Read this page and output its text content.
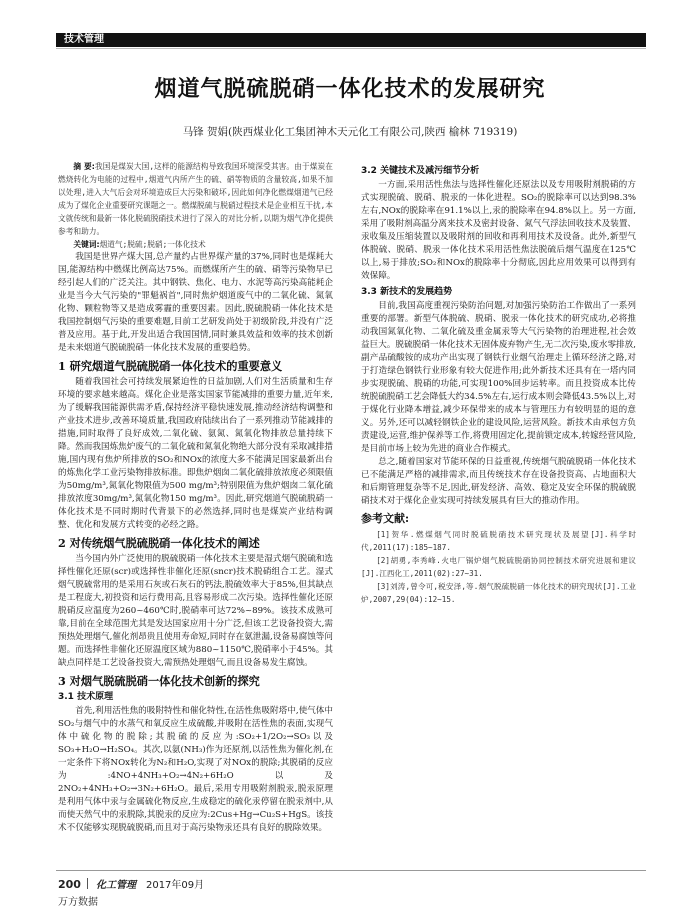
技术管理
烟道气脱硫脱硝一体化技术的发展研究
马锋 贺娟(陕西煤业化工集团神木天元化工有限公司,陕西 榆林 719319)

摘 要:我国是煤炭大国,这样的能源结构导致我国环境深受其害。由于煤炭在燃烧转化为电能的过程中,烟道气内所产生的硫、硝等物质的含量较高,如果不加以处理,进入大气后会对环境造成巨大污染和破坏,因此如何净化燃煤烟道气已经成为了煤化企业重要研究课题之一。燃煤脱硫与脱硝过程技术是企业相互干扰,本文就传统和最新一体化脱硫脱硝技术进行了深入的对比分析,以期为烟气净化提供参考和助力。

关键词:烟道气;脱硫;脱硝;一体化技术

我国是世界产煤大国,总产量约占世界煤产量的37%,同时也是煤耗大国,能源结构中燃煤比例高达75%。而燃煤所产生的硫、硝等污染物早已经引起人们的广泛关注。其中钢铁、焦化、电力、水泥等高污染高能耗企业是当今大气污染的"罪魁祸首",同时焦炉烟道废气中的二氧化硫、氮氧化物、颗粒物等又是造成雾霾的重要因素。因此,脱硫脱硝一体化技术是我国控制烟气污染的重要难题,目前工艺研发尚处于初级阶段,并没有广泛普及应用。基于此,开发出适合我国国情,同时兼具效益和效率的技术创新是未来烟道气脱硫脱硝一体化技术发展的重要趋势。

1 研究烟道气脱硫脱硝一体化技术的重要意义

随着我国社会可持续发展紧迫性的日益加剧,人们对生活质量和生存环境的要求越来越高。煤化企业是落实国家节能减排的重要力量,近年来,为了缓解我国能源供需矛盾,保持经济平稳快速发展,推动经济结构调整和产业技术进步,改善环境质量,我国政府陆续出台了一系列推动节能减排的措施,同时取得了良好成效,二氧化硫、氨氮、氮氧化物排放总量持续下降。然而我国炼焦炉废气的二氧化硫和氮氧化物绝大部分没有采取减排措施,国内现有焦炉所排放的SO₂和NOx的浓度大多不能满足国家最新出台的炼焦化学工业污染物排放标准。即焦炉烟囱二氧化硫排放浓度必须限值为50mg/m³,氮氧化物限值为500 mg/m³;特别限值为焦炉烟囱二氧化硫排放浓度30mg/m³,氮氧化物150 mg/m³。因此,研究烟道气脱硫脱硝一体化技术是不同时期时代背景下的必然选择,同时也是煤炭产业结构调整、优化和发展方式转变的必经之路。

2 对传统烟气脱硫脱硝一体化技术的阐述

当今国内外广泛使用的脱硫脱硝一体化技术主要是湿式烟气脱硫和选择性催化还原(scr)或选择性非催化还原(sncr)技术脱硝组合工艺。湿式烟气脱硫常用的是采用石灰或石灰石的钙法,脱硫效率大于85%,但其缺点是工程庞大,初投资和运行费用高,且容易形成二次污染。选择性催化还原脱硝反应温度为260~460℃时,脱硝率可达72%~89%。该技术成熟可靠,目前在全球范围尤其是发达国家应用十分广泛,但该工艺设备投资大,需预热处理烟气,催化剂昂贵且使用寿命短,同时存在氨泄漏,设备易腐蚀等问题。而选择性非催化还原温度区域为880~1150℃,脱硝率小于45%。其缺点同样是工艺设备投资大,需预热处理烟气,而且设备易发生腐蚀。

3 对烟气脱硫脱硝一体化技术创新的探究
3.1 技术原理

首先,利用活性焦的吸附特性和催化特性,在活性焦吸附塔中,使气体中SO₂与烟气中的水蒸气和氧反应生成硫酸,并吸附在活性焦的表面,实现气体中硫化物的脱除;其脱硫的反应为:SO₂+1/2O₂→SO₃以及SO₃+H₂O→H₂SO₄。其次,以氨(NH₃)作为还原剂,以活性焦为催化剂,在一定条件下将NOx转化为N₂和H₂O,实现了对NOx的脱除;其脱硝的反应为:4NO+4NH₃+O₂→4N₂+6H₂O以及2NO₂+4NH₃+O₂→3N₂+6H₂O。最后,采用专用吸附剂脱汞,脱汞原理是利用气体中汞与金属硫化物反应,生成稳定的硫化汞停留在脱汞剂中,从而使天然气中的汞脱除,其脱汞的反应为:2Cus+Hg→Cu₂S+HgS。该技术不仅能够实现脱硫脱硝,而且对于高污染物汞还具有良好的脱除效果。

3.2 关键技术及减污细节分析

一方面,采用活性焦法与选择性催化还原法以及专用吸附剂脱硝的方式实现脱硫、脱硝、脱汞的一体化进程。SO₂的脱除率可以达到98.3%左右,NOx的脱除率在91.1%以上,汞的脱除率在94.8%以上。另一方面,采用了吸附剂高温分离来技术及密封设备、氮气气浮法回收技术及装置、汞收集及压缩装置以及吸附剂的回收和再利用技术及设备。此外,新型气体脱硫、脱硝、脱汞一体化技术采用活性焦法脱硫后烟气温度在125℃以上,易于排放;SO₂和NOx的脱除率十分彻底,因此应用效果可以得到有效保障。

3.3 新技术的发展趋势

目前,我国高度重视污染防治问题,对加强污染防治工作做出了一系列重要的部署。新型气体脱硫、脱硝、脱汞一体化技术的研究成功,必将推动我国氮氧化物、二氧化硫及重金属汞等大气污染物的治理进程,社会效益巨大。脱硫脱硝一体化技术无固体废弃物产生,无二次污染,废水零排放,副产品硫酸铵的成功产出实现了钢铁行业烟气治理走上循环经济之路,对于打造绿色钢铁行业形象有较大促进作用;此外新技术还具有在一塔内同步实现脱硫、脱硝的功能,可实现100%回步运转率。而且投资成本比传统脱硫脱硝工艺会降低大约34.5%左右,运行成本则会降低43.5%以上,对于煤化行业降本增益,减少环保带来的成本与管理压力有较明显的退的意义。另外,还可以减轻钢铁企业的建设风险,运营风险。新技术由承包方负责建设,运营,维护保养等工作,将费用固定化,提前锁定成本,转嫁经营风险,是目前市场上较为先进的商业合作模式。

总之,随着国家对节能环保的日益重视,传统烟气脱硫脱硝一体化技术已不能满足严格的减排需求,而且传统技术存在设备投资高、占地面积大和后期管理复杂等不足,因此,研发经济、高效、稳定及安全环保的脱硫脱硝技术对于煤化企业实现可持续发展具有巨大的推动作用。

参考文献:

[1]贺华.燃煤烟气同时脱硫脱硝技术研究现状及展望[J].科学时代,2011(17):185~187.

[2]胡勇,李秀峰.火电厂锅炉烟气脱硫脱硝协同控制技术研究进展和建议[J].江西化工,2011(02):27~31.

[3]刘涛,曾令可,税安泽,等.烟气脱硫脱硝一体化技术的研究现状[J].工业炉,2007,29(04):12~15.

200 化工管理 2017年09月
万方数据
